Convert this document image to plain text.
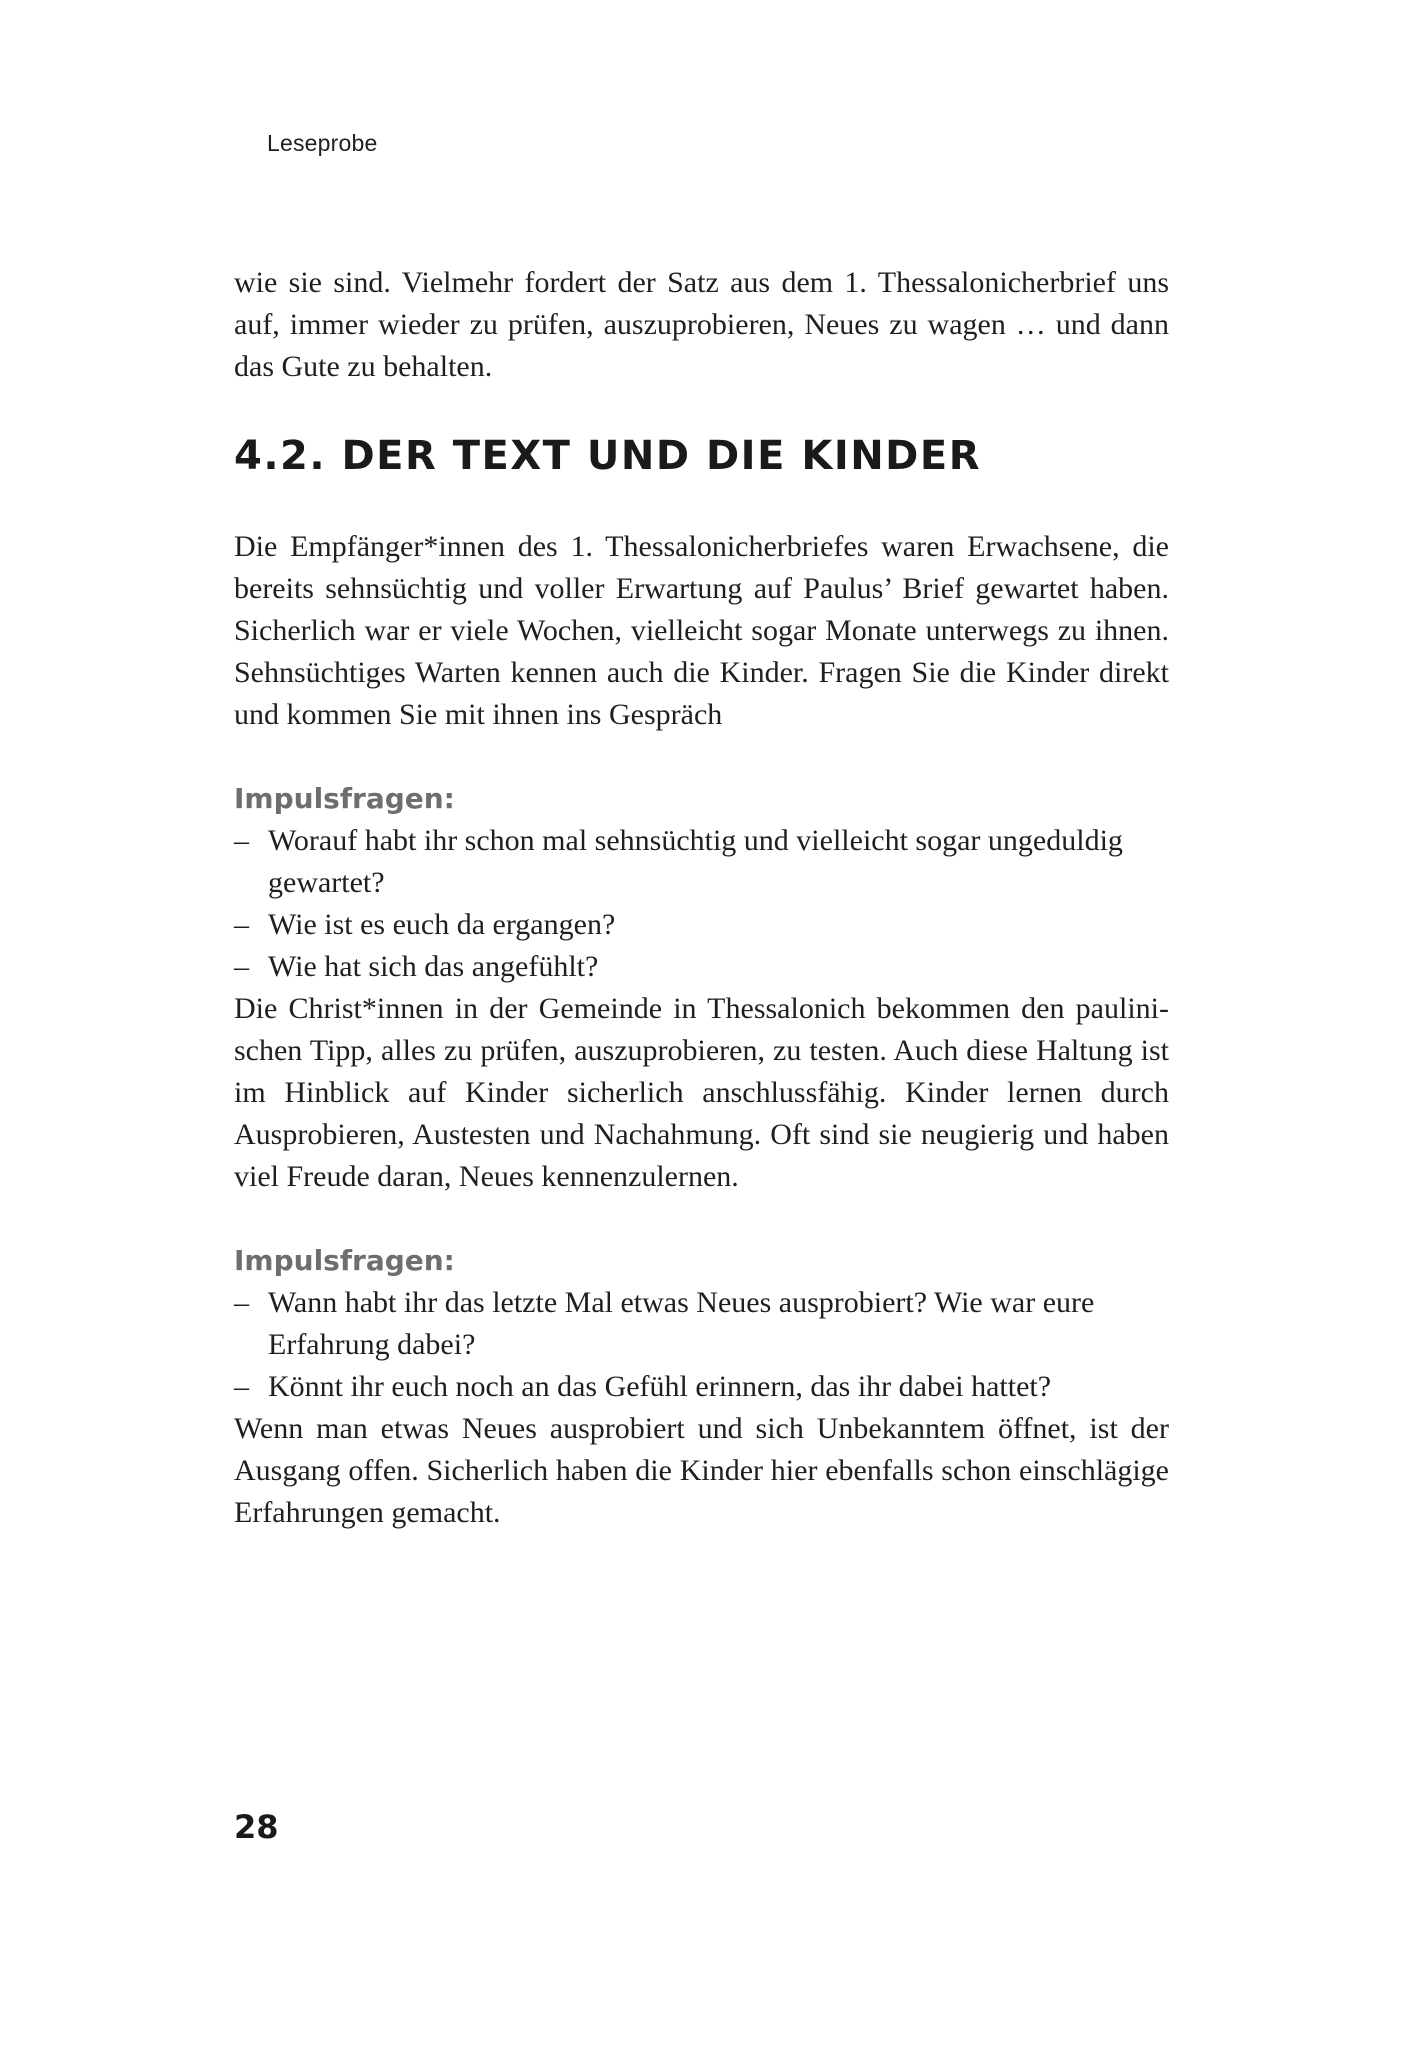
Leseprobe

wie sie sind. Vielmehr fordert der Satz aus dem 1. Thessalonicherbrief uns auf, immer wieder zu prüfen, auszuprobieren, Neues zu wagen … und dann das Gute zu behalten.

4.2. DER TEXT UND DIE KINDER

Die Empfänger*innen des 1. Thessalonicherbriefes waren Erwachsene, die bereits sehnsüchtig und voller Erwartung auf Paulus’ Brief gewartet haben. Sicherlich war er viele Wochen, vielleicht sogar Monate unterwegs zu ihnen. Sehnsüchtiges Warten kennen auch die Kinder. Fragen Sie die Kinder direkt und kommen Sie mit ihnen ins Gespräch

Impulsfragen:
– Worauf habt ihr schon mal sehnsüchtig und vielleicht sogar ungeduldig gewartet?
– Wie ist es euch da ergangen?
– Wie hat sich das angefühlt?

Die Christ*innen in der Gemeinde in Thessalonich bekommen den paulinischen Tipp, alles zu prüfen, auszuprobieren, zu testen. Auch diese Haltung ist im Hinblick auf Kinder sicherlich anschlussfähig. Kinder lernen durch Ausprobieren, Austesten und Nachahmung. Oft sind sie neugierig und haben viel Freude daran, Neues kennenzulernen.

Impulsfragen:
– Wann habt ihr das letzte Mal etwas Neues ausprobiert? Wie war eure Erfahrung dabei?
– Könnt ihr euch noch an das Gefühl erinnern, das ihr dabei hattet?

Wenn man etwas Neues ausprobiert und sich Unbekanntem öffnet, ist der Ausgang offen. Sicherlich haben die Kinder hier ebenfalls schon einschlägige Erfahrungen gemacht.

28
